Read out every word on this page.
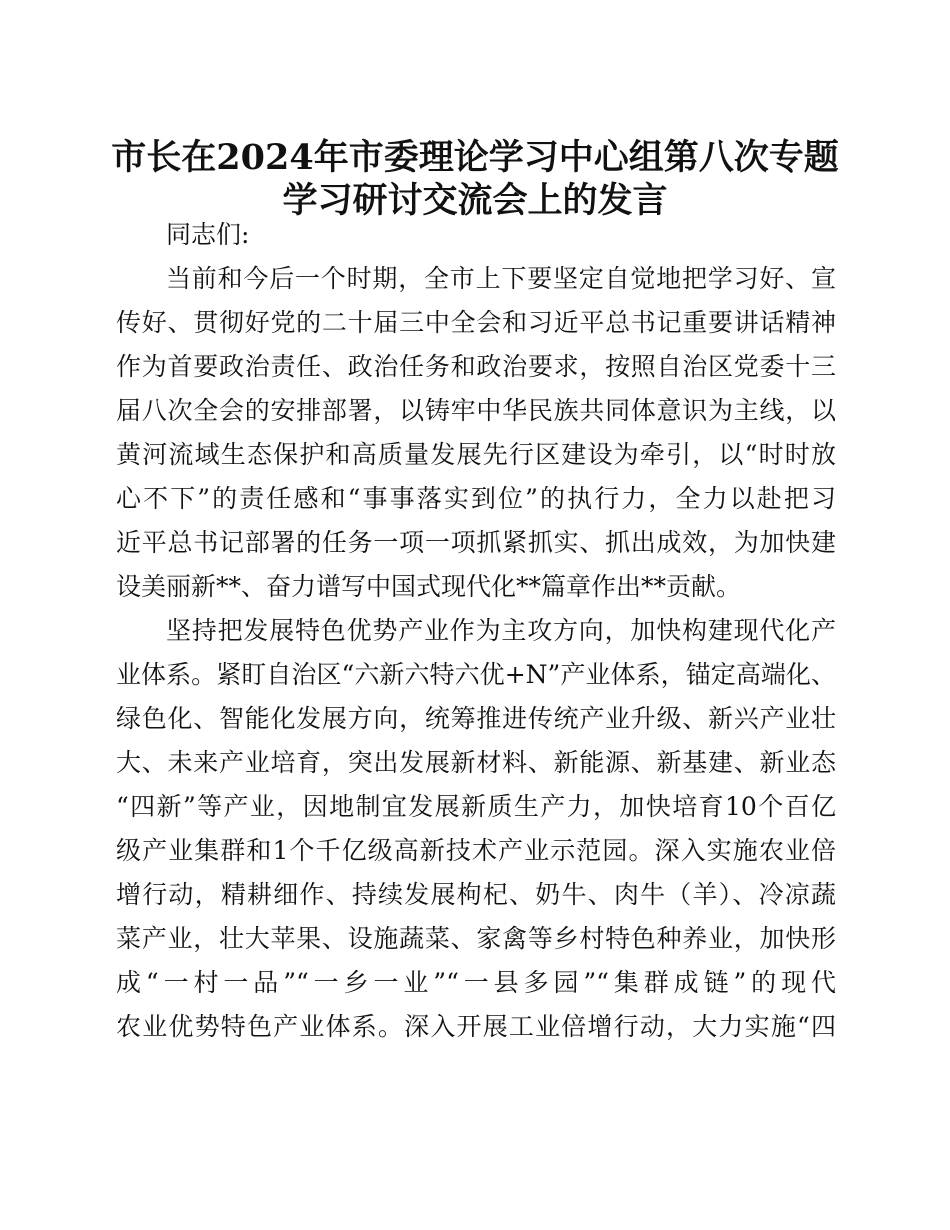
市长在2024年市委理论学习中心组第八次专题
学习研讨交流会上的发言
同志们:
当前和今后一个时期，全市上下要坚定自觉地把学习好、宣
传好、贯彻好党的二十届三中全会和习近平总书记重要讲话精神
作为首要政治责任、政治任务和政治要求，按照自治区党委十三
届八次全会的安排部署，以铸牢中华民族共同体意识为主线，以
黄河流域生态保护和高质量发展先行区建设为牵引，以“时时放
心不下”的责任感和“事事落实到位”的执行力，全力以赴把习
近平总书记部署的任务一项一项抓紧抓实、抓出成效，为加快建
设美丽新**、奋力谱写中国式现代化**篇章作出**贡献。
坚持把发展特色优势产业作为主攻方向，加快构建现代化产
业体系。紧盯自治区“六新六特六优+N”产业体系，锚定高端化、
绿色化、智能化发展方向，统筹推进传统产业升级、新兴产业壮
大、未来产业培育，突出发展新材料、新能源、新基建、新业态
“四新”等产业，因地制宜发展新质生产力，加快培育10个百亿
级产业集群和1个千亿级高新技术产业示范园。深入实施农业倍
增行动，精耕细作、持续发展枸杞、奶牛、肉牛（羊）、冷凉蔬
菜产业，壮大苹果、设施蔬菜、家禽等乡村特色种养业，加快形
成“一村一品”“一乡一业”“一县多园”“集群成链”的现代
农业优势特色产业体系。深入开展工业倍增行动，大力实施“四
